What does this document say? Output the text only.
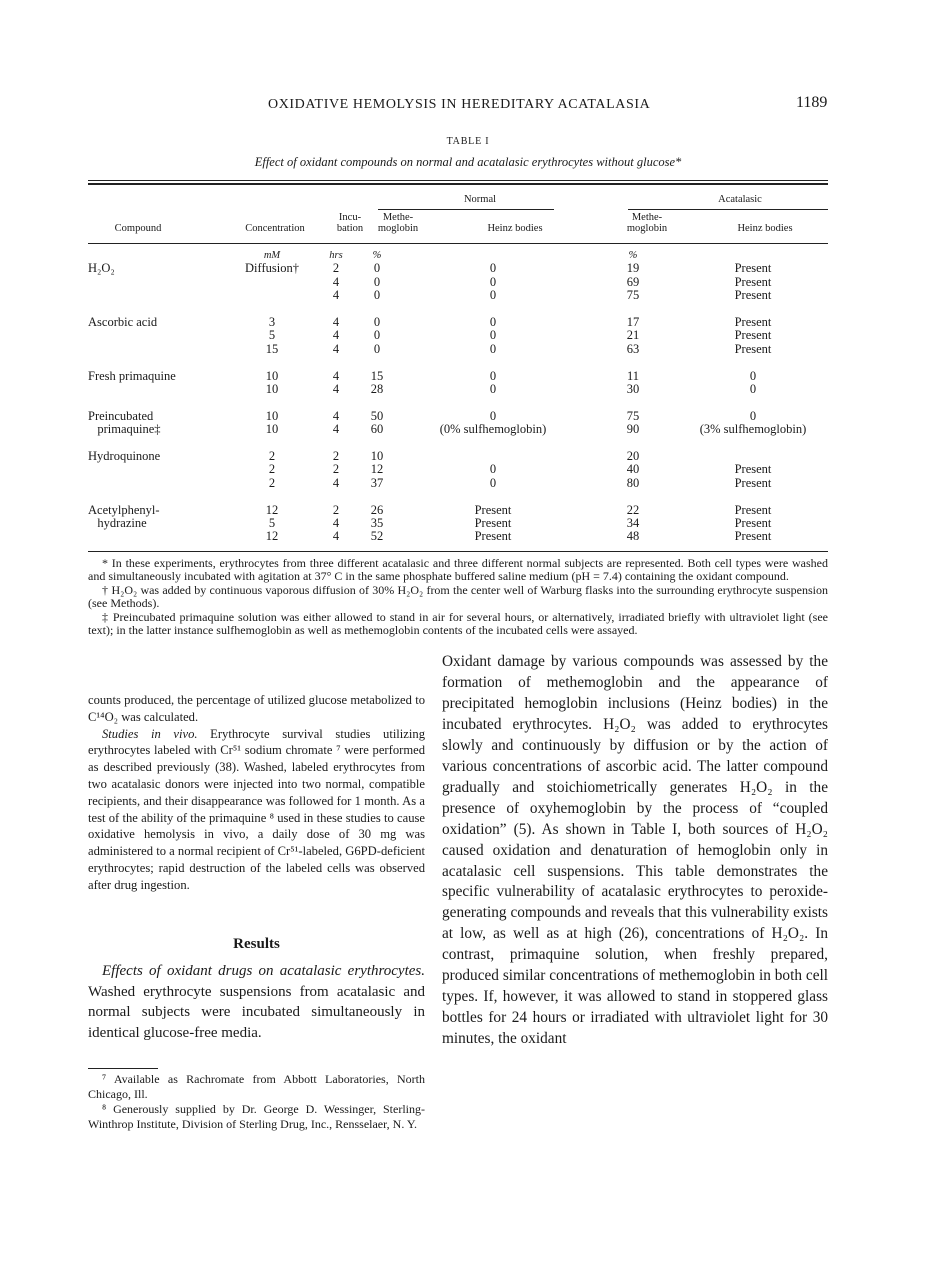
OXIDATIVE HEMOLYSIS IN HEREDITARY ACATALASIA	1189
TABLE I
Effect of oxidant compounds on normal and acatalasic erythrocytes without glucose*
Normal	Acatalasic
Compound	Concentration
Incu-
bation
Methe-
moglobin	Heinz bodies
Methe-
moglobin	Heinz bodies
	mM	hrs	%		%	
H₂O₂	Diffusion†	2	0	0	19	Present
		4	0	0	69	Present
		4	0	0	75	Present

Ascorbic acid	3	4	0	0	17	Present
	5	4	0	0	21	Present
	15	4	0	0	63	Present

Fresh primaquine	10	4	15	0	11	0
	10	4	28	0	30	0

Preincubated	10	4	50	0	75	0
primaquine‡	10	4	60	(0% sulfhemoglobin)	90	(3% sulfhemoglobin)

Hydroquinone	2	2	10		20	
	2	2	12	0	40	Present
	2	4	37	0	80	Present

Acetylphenyl-	12	2	26	Present	22	Present
hydrazine	5	4	35	Present	34	Present
	12	4	52	Present	48	Present

* In these experiments, erythrocytes from three different acatalasic and three different normal subjects are represented. Both cell types were washed and simultaneously incubated with agitation at 37° C in the same phosphate buffered saline medium (pH = 7.4) containing the oxidant compound.

† H₂O₂ was added by continuous vaporous diffusion of 30% H₂O₂ from the center well of Warburg flasks into the surrounding erythrocyte suspension (see Methods).

‡ Preincubated primaquine solution was either allowed to stand in air for several hours, or alternatively, irradiated briefly with ultraviolet light (see text); in the latter instance sulfhemoglobin as well as methemoglobin contents of the incubated cells were assayed.

counts produced, the percentage of utilized glucose metabolized to C¹⁴O₂ was calculated.

Studies in vivo. Erythrocyte survival studies utilizing erythrocytes labeled with Cr⁵¹ sodium chromate ⁷ were performed as described previously (38). Washed, labeled erythrocytes from two acatalasic donors were injected into two normal, compatible recipients, and their disappearance was followed for 1 month. As a test of the ability of the primaquine ⁸ used in these studies to cause oxidative hemolysis in vivo, a daily dose of 30 mg was administered to a normal recipient of Cr⁵¹-labeled, G6PD-deficient erythrocytes; rapid destruction of the labeled cells was observed after drug ingestion.

Results
Effects of oxidant drugs on acatalasic erythrocytes. Washed erythrocyte suspensions from acatalasic and normal subjects were incubated simultaneously in identical glucose-free media.

⁷ Available as Rachromate from Abbott Laboratories, North Chicago, Ill.

⁸ Generously supplied by Dr. George D. Wessinger, Sterling-Winthrop Institute, Division of Sterling Drug, Inc., Rensselaer, N. Y.

Oxidant damage by various compounds was assessed by the formation of methemoglobin and the appearance of precipitated hemoglobin inclusions (Heinz bodies) in the incubated erythrocytes. H₂O₂ was added to erythrocytes slowly and continuously by diffusion or by the action of various concentrations of ascorbic acid. The latter compound gradually and stoichiometrically generates H₂O₂ in the presence of oxyhemoglobin by the process of “coupled oxidation” (5). As shown in Table I, both sources of H₂O₂ caused oxidation and denaturation of hemoglobin only in acatalasic cell suspensions. This table demonstrates the specific vulnerability of acatalasic erythrocytes to peroxide-generating compounds and reveals that this vulnerability exists at low, as well as at high (26), concentrations of H₂O₂. In contrast, primaquine solution, when freshly prepared, produced similar concentrations of methemoglobin in both cell types. If, however, it was allowed to stand in stoppered glass bottles for 24 hours or irradiated with ultraviolet light for 30 minutes, the oxidant
